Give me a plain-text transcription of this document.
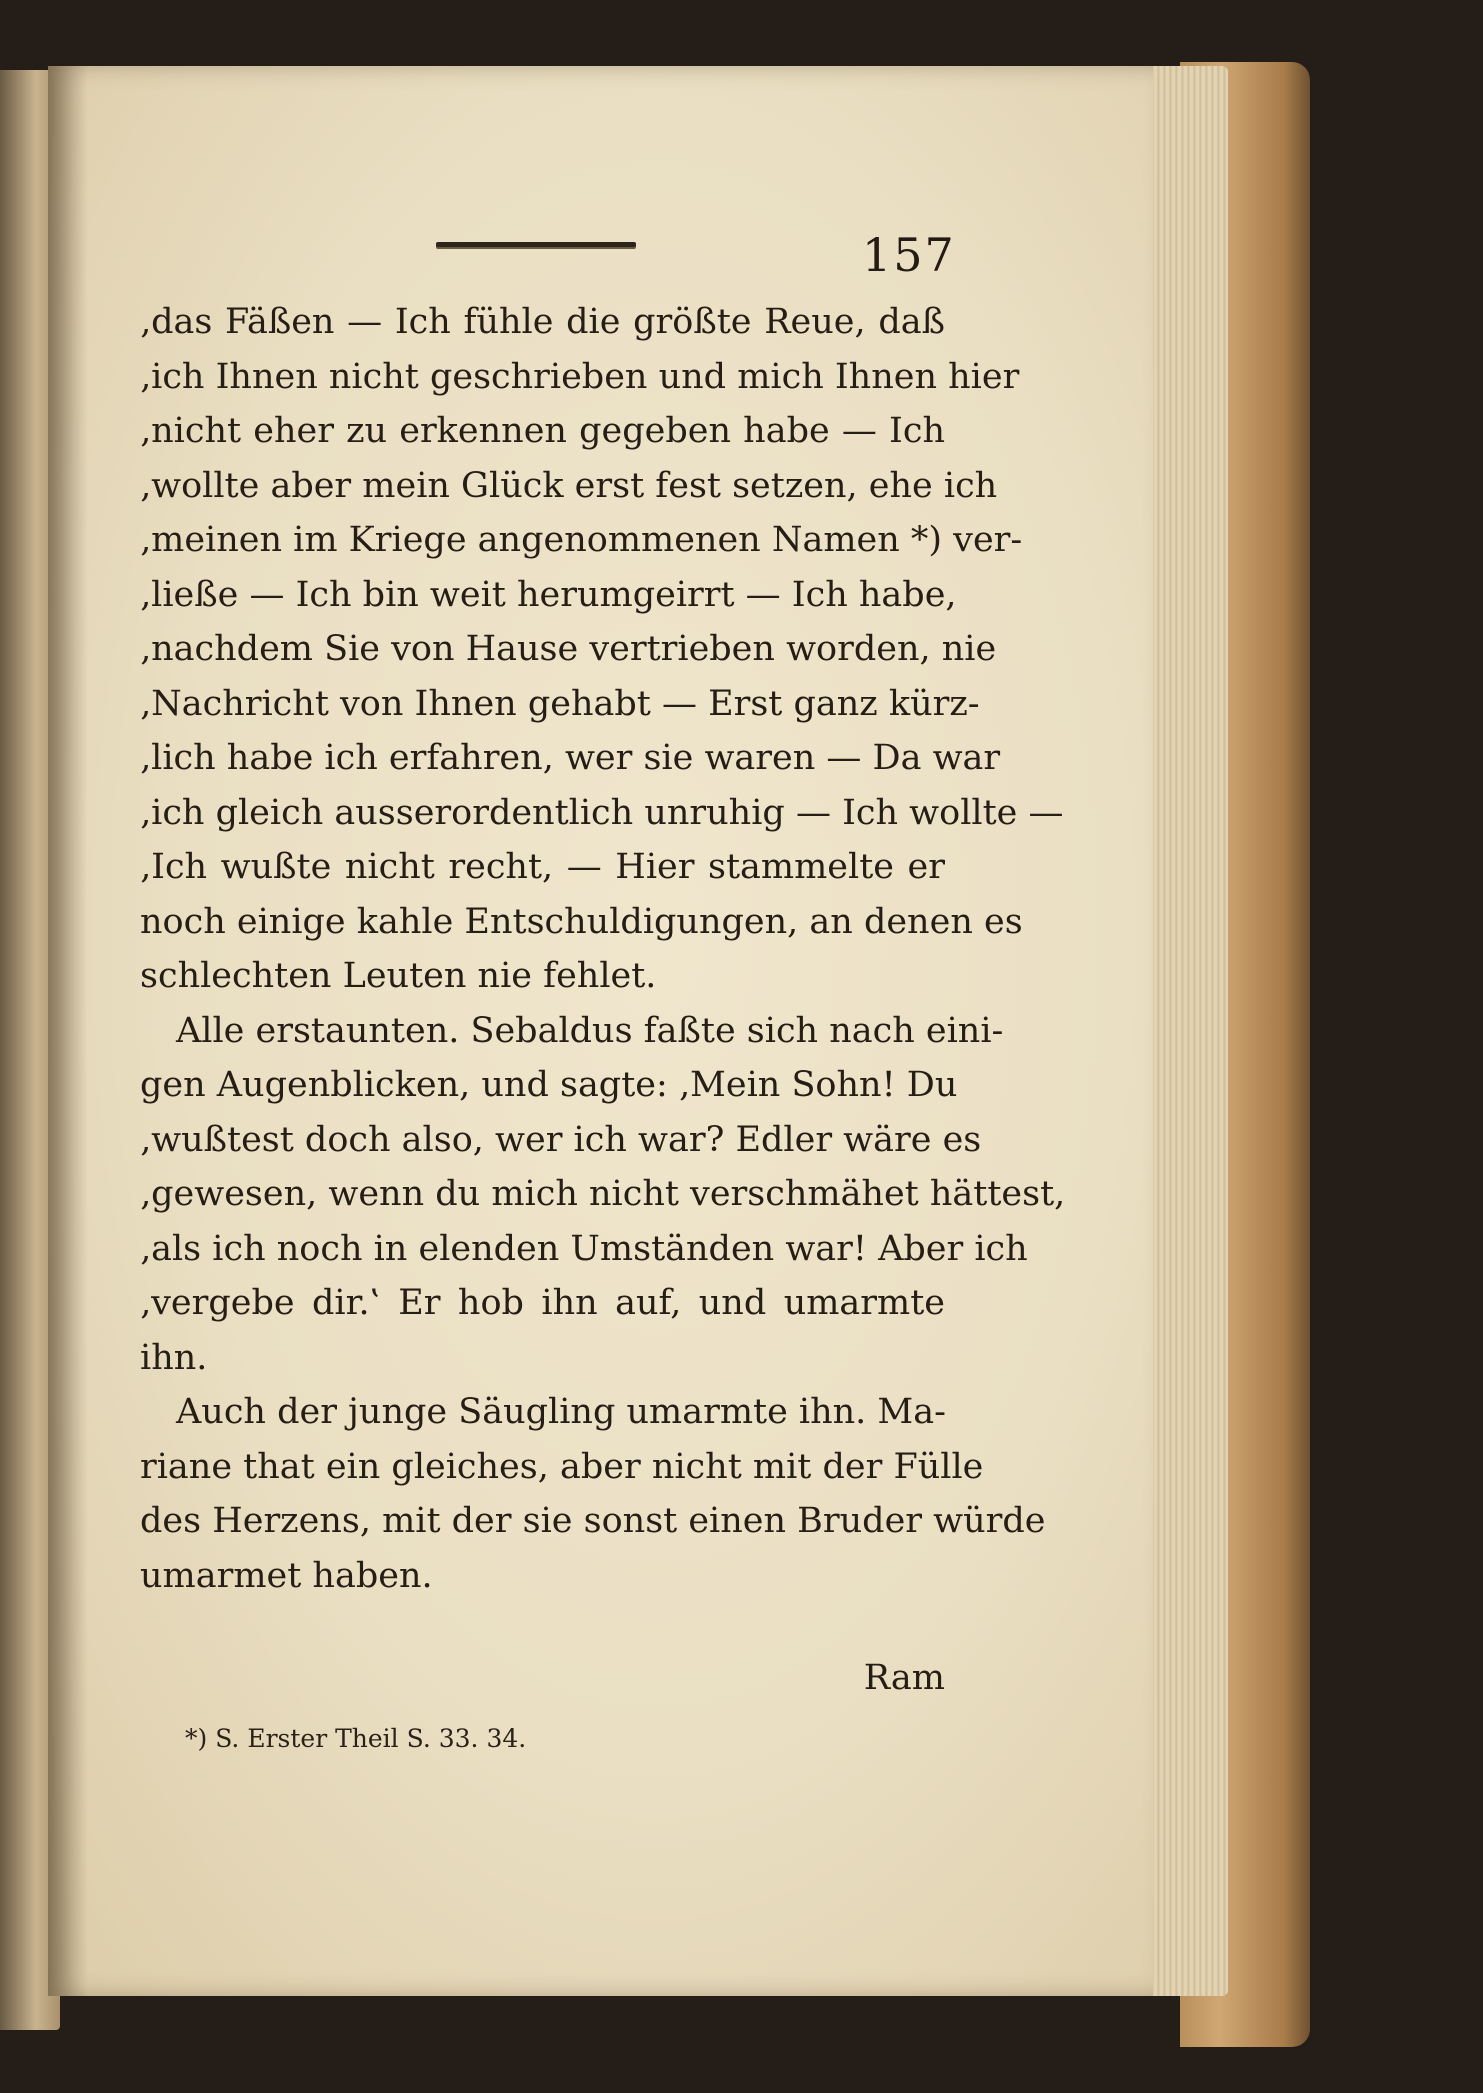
157
‚das Fäßen — Ich fühle die größte Reue, daß
‚ich Ihnen nicht geschrieben und mich Ihnen hier
‚nicht eher zu erkennen gegeben habe — Ich
‚wollte aber mein Glück erst fest setzen, ehe ich
‚meinen im Kriege angenommenen Namen *) ver-
‚ließe — Ich bin weit herumgeirrt — Ich habe,
‚nachdem Sie von Hause vertrieben worden, nie
‚Nachricht von Ihnen gehabt — Erst ganz kürz-
‚lich habe ich erfahren, wer sie waren — Da war
‚ich gleich ausserordentlich unruhig — Ich wollte —
‚Ich wußte nicht recht, — Hier stammelte er
noch einige kahle Entschuldigungen, an denen es
schlechten Leuten nie fehlet.
Alle erstaunten. Sebaldus faßte sich nach eini-
gen Augenblicken, und sagte: ‚Mein Sohn! Du
‚wußtest doch also, wer ich war? Edler wäre es
‚gewesen, wenn du mich nicht verschmähet hättest,
‚als ich noch in elenden Umständen war! Aber ich
‚vergebe dir.‛ Er hob ihn auf, und umarmte
ihn.
Auch der junge Säugling umarmte ihn. Ma-
riane that ein gleiches, aber nicht mit der Fülle
des Herzens, mit der sie sonst einen Bruder würde
umarmet haben.
Ram
*) S. Erster Theil S. 33. 34.
